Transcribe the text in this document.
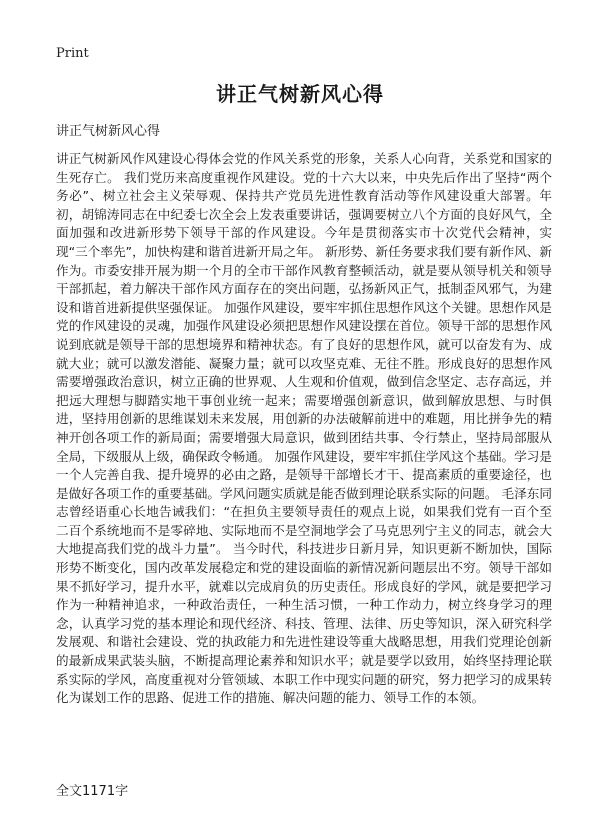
Print
讲正气树新风心得
讲正气树新风心得

讲正气树新风作风建设心得体会党的作风关系党的形象，关系人心向背，关系党和国家的生死存亡。 我们党历来高度重视作风建设。党的十六大以来，中央先后作出了坚持“两个务必”、树立社会主义荣辱观、保持共产党员先进性教育活动等作风建设重大部署。年初，胡锦涛同志在中纪委七次全会上发表重要讲话，强调要树立八个方面的良好风气，全面加强和改进新形势下领导干部的作风建设。今年是贯彻落实市十次党代会精神，实现“三个率先”，加快构建和谐首进新开局之年。 新形势、新任务要求我们要有新作风、新作为。市委安排开展为期一个月的全市干部作风教育整顿活动，就是要从领导机关和领导干部抓起，着力解决干部作风方面存在的突出问题，弘扬新风正气，抵制歪风邪气，为建设和谐首进新提供坚强保证。 加强作风建设，要牢牢抓住思想作风这个关键。思想作风是党的作风建设的灵魂，加强作风建设必须把思想作风建设摆在首位。领导干部的思想作风说到底就是领导干部的思想境界和精神状态。有了良好的思想作风，就可以奋发有为、成就大业；就可以激发潜能、凝聚力量；就可以攻坚克难、无往不胜。形成良好的思想作风需要增强政治意识，树立正确的世界观、人生观和价值观，做到信念坚定、志存高远，并把远大理想与脚踏实地干事创业统一起来；需要增强创新意识，做到解放思想、与时俱进，坚持用创新的思维谋划未来发展，用创新的办法破解前进中的难题，用比拼争先的精神开创各项工作的新局面；需要增强大局意识，做到团结共事、令行禁止，坚持局部服从全局，下级服从上级，确保政令畅通。 加强作风建设，要牢牢抓住学风这个基础。学习是一个人完善自我、提升境界的必由之路，是领导干部增长才干、提高素质的重要途径，也是做好各项工作的重要基础。学风问题实质就是能否做到理论联系实际的问题。 毛泽东同志曾经语重心长地告诫我们：“在担负主要领导责任的观点上说，如果我们党有一百个至二百个系统地而不是零碎地、实际地而不是空洞地学会了马克思列宁主义的同志，就会大大地提高我们党的战斗力量”。 当今时代，科技进步日新月异，知识更新不断加快，国际形势不断变化，国内改革发展稳定和党的建设面临的新情况新问题层出不穷。领导干部如果不抓好学习，提升水平，就难以完成肩负的历史责任。形成良好的学风，就是要把学习作为一种精神追求，一种政治责任，一种生活习惯，一种工作动力，树立终身学习的理念，认真学习党的基本理论和现代经济、科技、管理、法律、历史等知识，深入研究科学发展观、和谐社会建设、党的执政能力和先进性建设等重大战略思想，用我们党理论创新的最新成果武装头脑，不断提高理论素养和知识水平；就是要学以致用，始终坚持理论联系实际的学风，高度重视对分管领域、本职工作中现实问题的研究，努力把学习的成果转化为谋划工作的思路、促进工作的措施、解决问题的能力、领导工作的本领。

全文1171字
